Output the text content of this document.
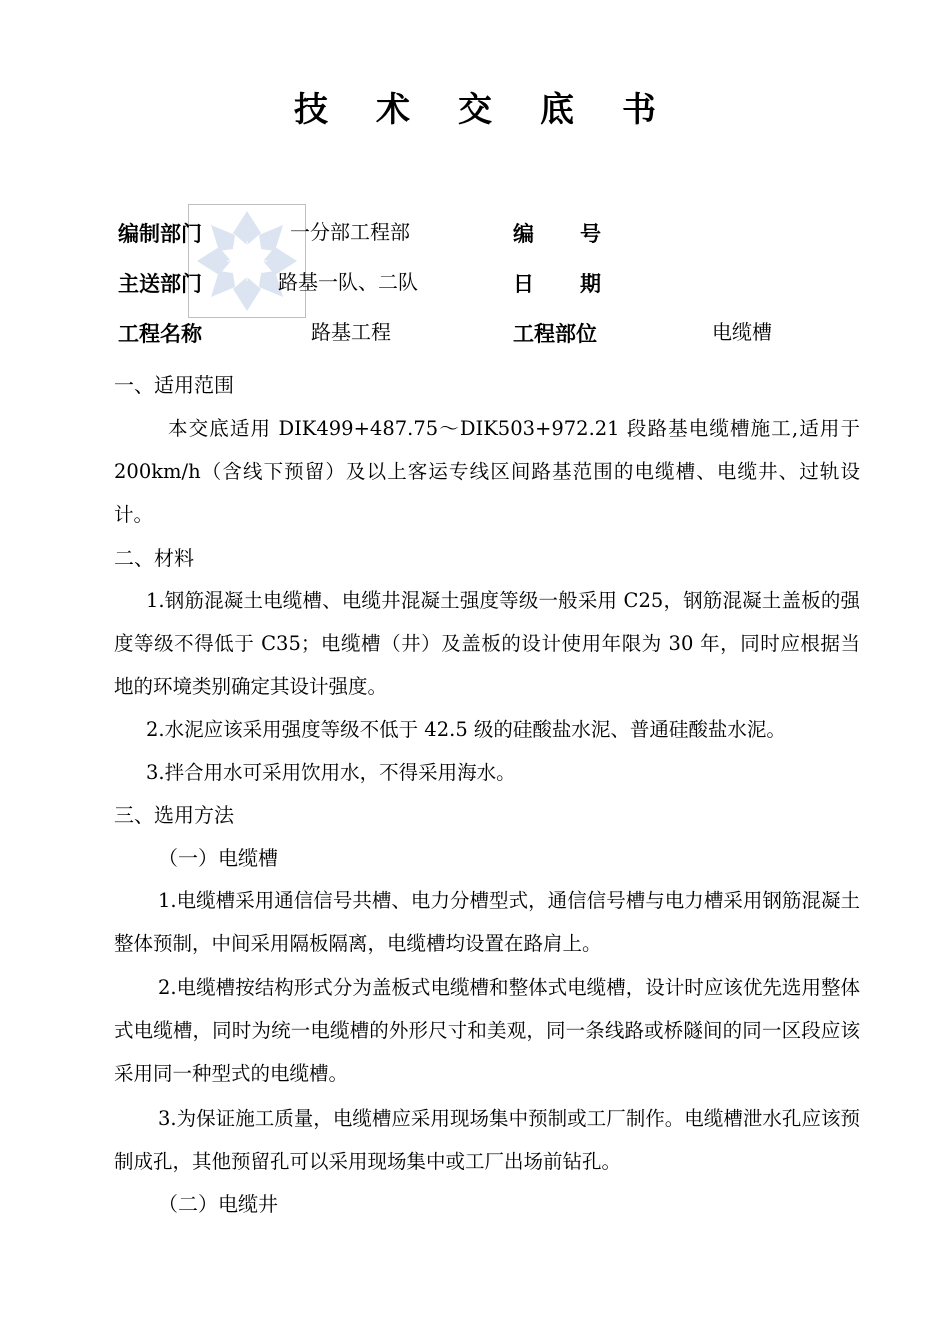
技 术 交 底 书
编制部门	一分部工程部	编 号
主送部门	路基一队、二队	日 期
工程名称	路基工程	工程部位	电缆槽
一、适用范围
本交底适用 DIK499+487.75～DIK503+972.21 段路基电缆槽施工,适用于 200km/h（含线下预留）及以上客运专线区间路基范围的电缆槽、电缆井、过轨设计。
二、材料
1.钢筋混凝土电缆槽、电缆井混凝土强度等级一般采用 C25，钢筋混凝土盖板的强度等级不得低于 C35；电缆槽（井）及盖板的设计使用年限为 30 年，同时应根据当地的环境类别确定其设计强度。
2.水泥应该采用强度等级不低于 42.5 级的硅酸盐水泥、普通硅酸盐水泥。
3.拌合用水可采用饮用水，不得采用海水。
三、选用方法
（一）电缆槽
1.电缆槽采用通信信号共槽、电力分槽型式，通信信号槽与电力槽采用钢筋混凝土整体预制，中间采用隔板隔离，电缆槽均设置在路肩上。
2.电缆槽按结构形式分为盖板式电缆槽和整体式电缆槽，设计时应该优先选用整体式电缆槽，同时为统一电缆槽的外形尺寸和美观，同一条线路或桥隧间的同一区段应该采用同一种型式的电缆槽。
3.为保证施工质量，电缆槽应采用现场集中预制或工厂制作。电缆槽泄水孔应该预制成孔，其他预留孔可以采用现场集中或工厂出场前钻孔。
（二）电缆井
